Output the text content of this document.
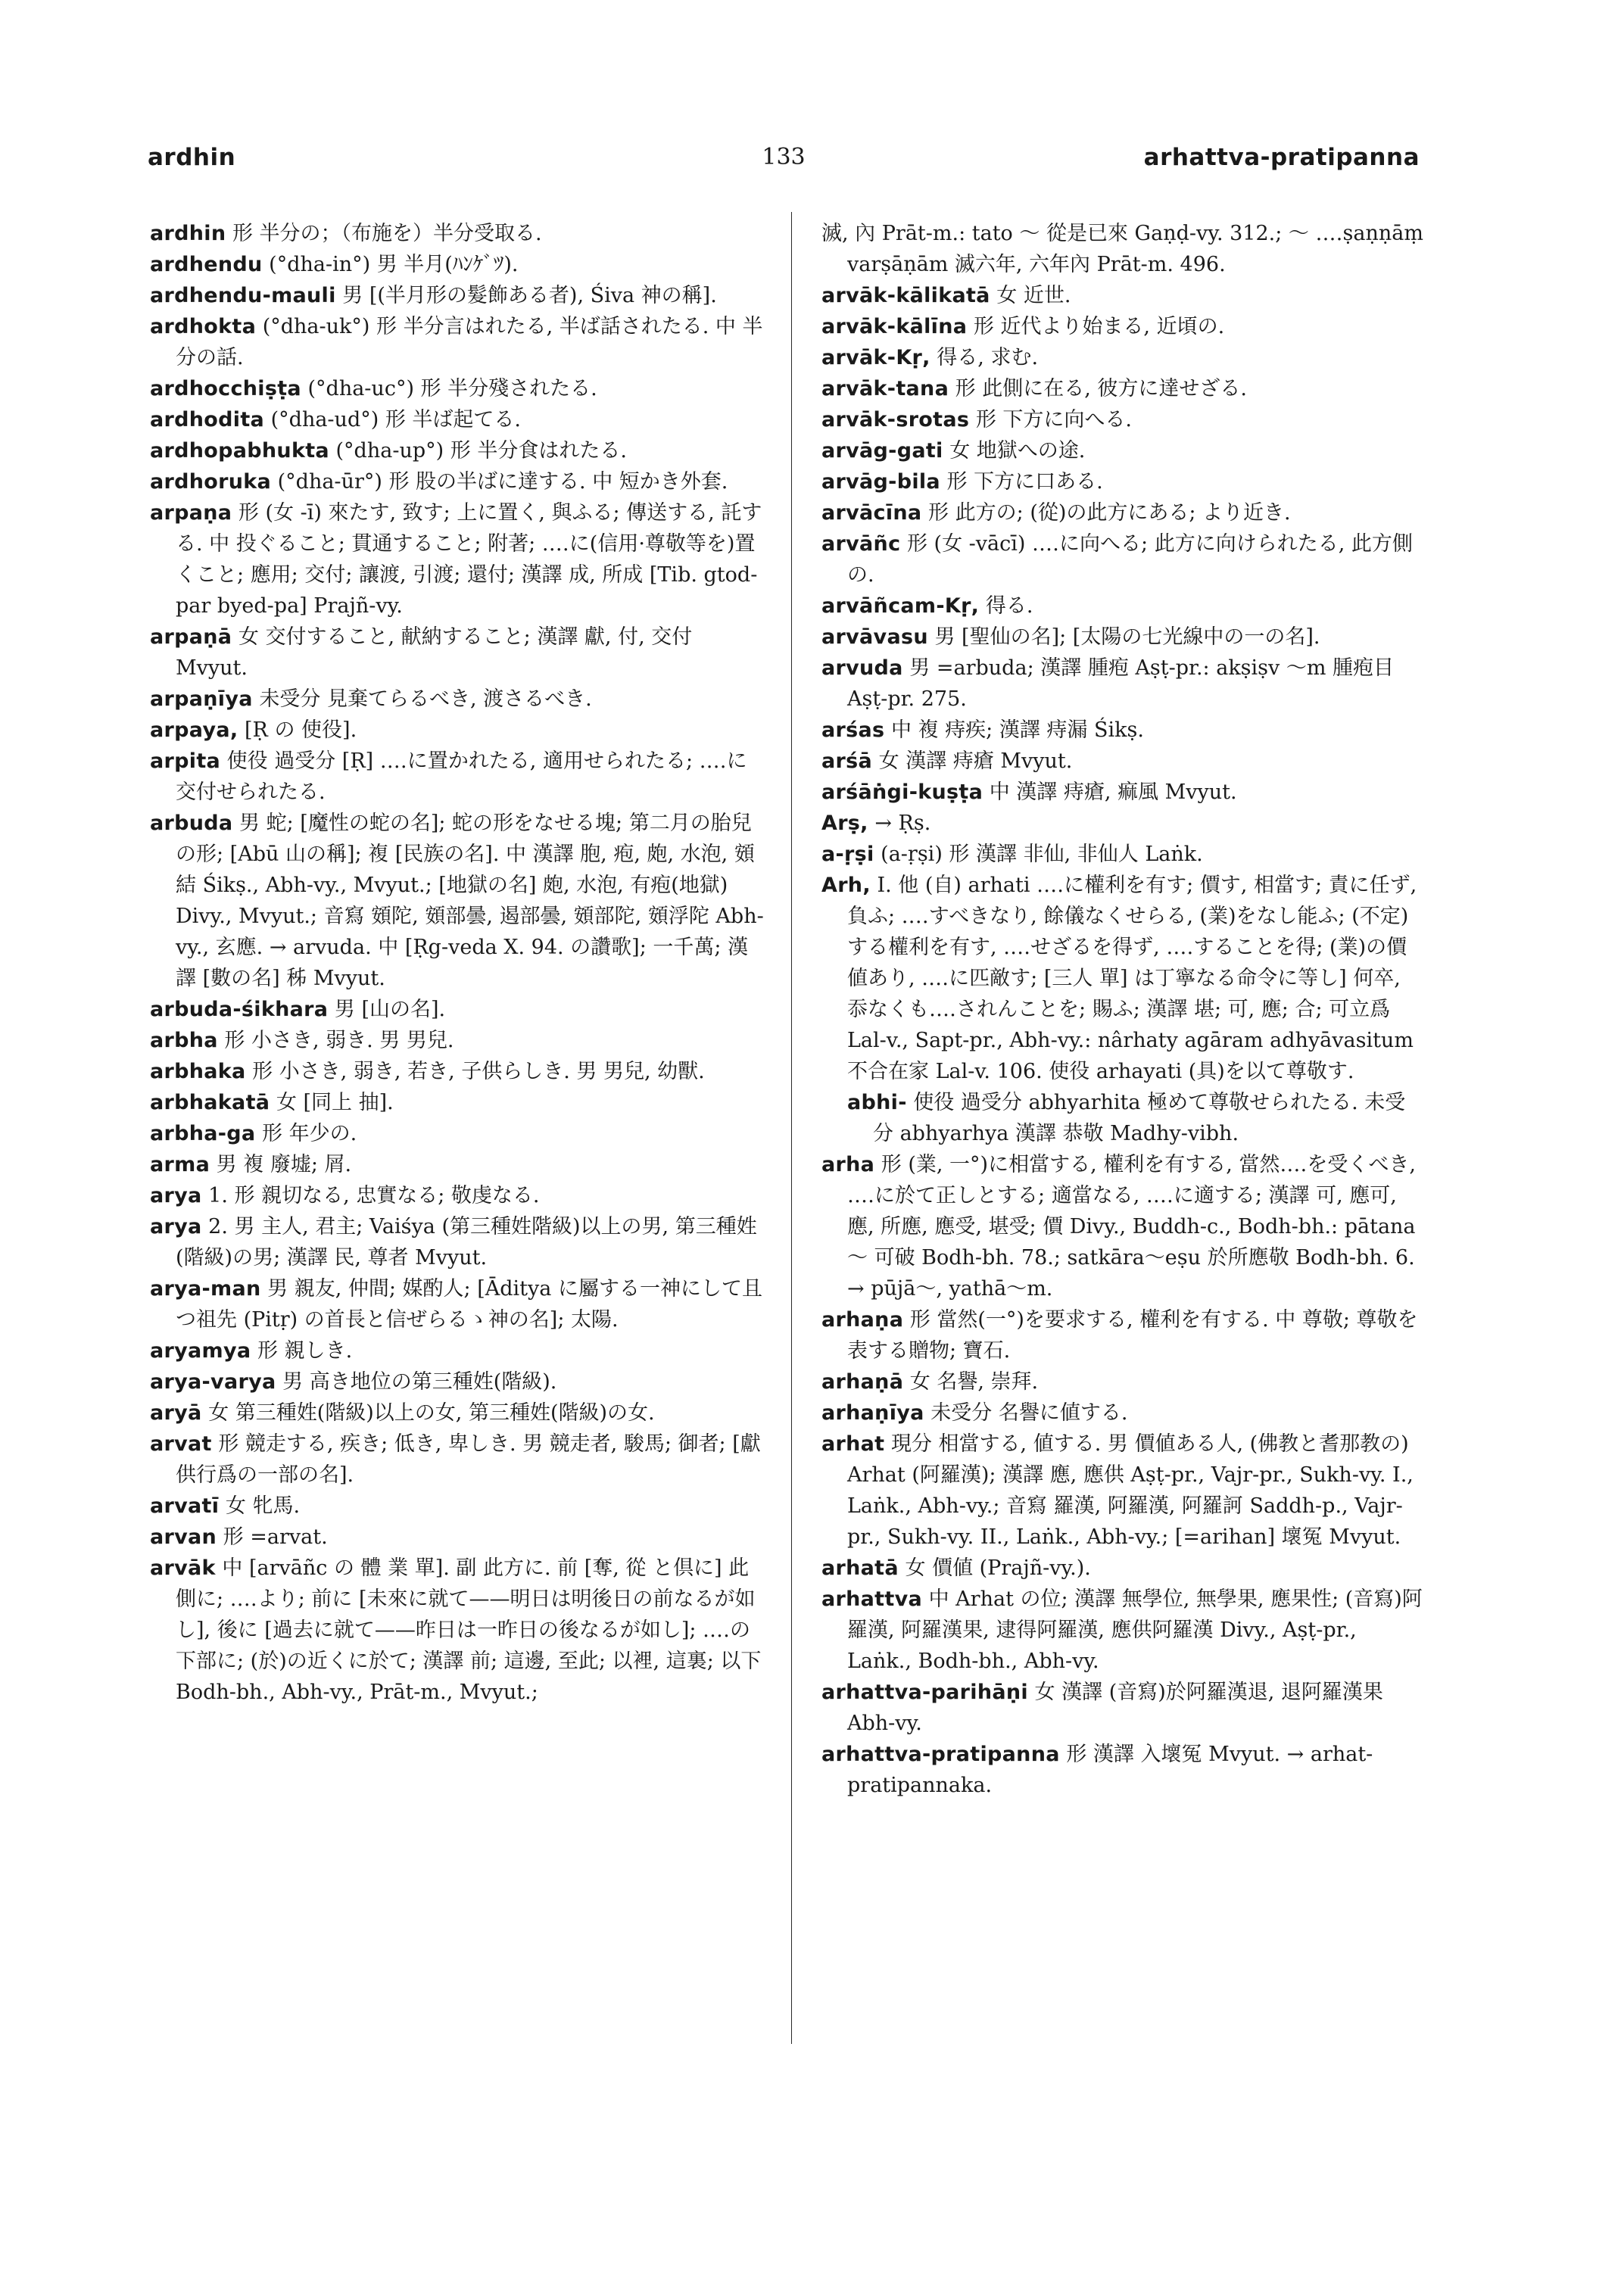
ardhin	133	arhattva-pratipanna

ardhin 形 半分の；（布施を）半分受取る.

ardhendu (°dha-in°) 男 半月(ﾊﾝｹﾞﾂ).

ardhendu-mauli 男 [(半月形の髮飾ある者), Śiva 神の稱].

ardhokta (°dha-uk°) 形 半分言はれたる, 半ば話されたる. 中 半分の話.

ardhocchiṣṭa (°dha-uc°) 形 半分殘されたる.

ardhodita (°dha-ud°) 形 半ば起てる.

ardhopabhukta (°dha-up°) 形 半分食はれたる.

ardhoruka (°dha-ūr°) 形 股の半ばに達する. 中 短かき外套.

arpaṇa 形 (女 -ī) 來たす, 致す; 上に置く, 與ふる; 傳送する, 託する. 中 投ぐること; 貫通すること; 附著; ‥‥に(信用·尊敬等を)置くこと; 應用; 交付; 讓渡, 引渡; 還付; 漢譯 成, 所成 [Tib. gtod-par byed-pa] Prajñ-vy.

arpaṇā 女 交付すること, 献納すること; 漢譯 獻, 付, 交付 Mvyut.

arpaṇīya 未受分 見棄てらるべき, 渡さるべき.

arpaya, [Ṛ の 使役].

arpita 使役 過受分 [Ṛ] ‥‥に置かれたる, 適用せられたる; ‥‥に交付せられたる.

arbuda 男 蛇; [魔性の蛇の名]; 蛇の形をなせる塊; 第二月の胎兒の形; [Abū 山の稱]; 複 [民族の名]. 中 漢譯 胞, 疱, 皰, 水泡, 頞結 Śikṣ., Abh-vy., Mvyut.; [地獄の名] 皰, 水泡, 有疱(地獄) Divy., Mvyut.; 音寫 頞陀, 頞部曇, 遏部曇, 頞部陀, 頞浮陀 Abh-vy., 玄應. → arvuda. 中 [Ṛg-veda X. 94. の讚歌]; 一千萬; 漢譯 [數の名] 秭 Mvyut.

arbuda-śikhara 男 [山の名].

arbha 形 小さき, 弱き. 男 男兒.

arbhaka 形 小さき, 弱き, 若き, 子供らしき. 男 男兒, 幼獸.

arbhakatā 女 [同上 抽].

arbha-ga 形 年少の.

arma 男 複 廢墟; 屑.

arya 1. 形 親切なる, 忠實なる; 敬虔なる.

arya 2. 男 主人, 君主; Vaiśya (第三種姓階級)以上の男, 第三種姓(階級)の男; 漢譯 民, 尊者 Mvyut.

arya-man 男 親友, 仲間; 媒酌人; [Āditya に屬する一神にして且つ祖先 (Pitṛ) の首長と信ぜらるゝ神の名]; 太陽.

aryamya 形 親しき.

arya-varya 男 高き地位の第三種姓(階級).

aryā 女 第三種姓(階級)以上の女, 第三種姓(階級)の女.

arvat 形 競走する, 疾き; 低き, 卑しき. 男 競走者, 駿馬; 御者; [獻供行爲の一部の名].

arvatī 女 牝馬.

arvan 形 =arvat.

arvāk 中 [arvāñc の 體 業 單]. 副 此方に. 前 [奪, 從 と倶に] 此側に; ‥‥より; 前に [未來に就て——明日は明後日の前なるが如し], 後に [過去に就て——昨日は一昨日の後なるが如し]; ‥‥の下部に; (於)の近くに於て; 漢譯 前; 這邊, 至此; 以裡, 這裏; 以下 Bodh-bh., Abh-vy., Prāt-m., Mvyut.;

滅, 內 Prāt-m.: tato ～ 從是已來 Gaṇḍ-vy. 312.; ～ ‥‥ṣaṇṇāṃ varṣāṇām 滅六年, 六年內 Prāt-m. 496.

arvāk-kālikatā 女 近世.

arvāk-kālīna 形 近代より始まる, 近頃の.

arvāk-Kṛ, 得る, 求む.

arvāk-tana 形 此側に在る, 彼方に達せざる.

arvāk-srotas 形 下方に向へる.

arvāg-gati 女 地獄への途.

arvāg-bila 形 下方に口ある.

arvācīna 形 此方の; (從)の此方にある; より近き.

arvāñc 形 (女 -vācī) ‥‥に向へる; 此方に向けられたる, 此方側の.

arvāñcam-Kṛ, 得る.

arvāvasu 男 [聖仙の名]; [太陽の七光線中の一の名].

arvuda 男 =arbuda; 漢譯 腫疱 Aṣṭ-pr.: akṣiṣv ～m 腫疱目 Aṣṭ-pr. 275.

arśas 中 複 痔疾; 漢譯 痔漏 Śikṣ.

arśā 女 漢譯 痔瘡 Mvyut.

arśāṅgi-kuṣṭa 中 漢譯 痔瘡, 痲風 Mvyut.

Arṣ, → Ṛṣ.

a-ṛṣi (a-ṛṣi) 形 漢譯 非仙, 非仙人 Laṅk.

Arh, I. 他 (自) arhati ‥‥に權利を有す; 價す, 相當す; 責に任ず, 負ふ; ‥‥すべきなり, 餘儀なくせらる, (業)をなし能ふ; (不定)する權利を有す, ‥‥せざるを得ず, ‥‥することを得; (業)の價値あり, ‥‥に匹敵す; [三人 單] は丁寧なる命令に等し] 何卒, 忝なくも‥‥されんことを; 賜ふ; 漢譯 堪; 可, 應; 合; 可立爲 Lal-v., Sapt-pr., Abh-vy.: nârhaty agāram adhyāvasitum 不合在家 Lal-v. 106. 使役 arhayati (具)を以て尊敬す.

abhi- 使役 過受分 abhyarhita 極めて尊敬せられたる. 未受分 abhyarhya 漢譯 恭敬 Madhy-vibh.

arha 形 (業, 一°)に相當する, 權利を有する, 當然‥‥を受くべき, ‥‥に於て正しとする; 適當なる, ‥‥に適する; 漢譯 可, 應可, 應, 所應, 應受, 堪受; 價 Divy., Buddh-c., Bodh-bh.: pātana～ 可破 Bodh-bh. 78.; satkāra～eṣu 於所應敬 Bodh-bh. 6. → pūjā～, yathā～m.

arhaṇa 形 當然(一°)を要求する, 權利を有する. 中 尊敬; 尊敬を表する贈物; 寶石.

arhaṇā 女 名譽, 崇拜.

arhaṇīya 未受分 名譽に値する.

arhat 現分 相當する, 値する. 男 價値ある人, (佛教と耆那教の) Arhat (阿羅漢); 漢譯 應, 應供 Aṣṭ-pr., Vajr-pr., Sukh-vy. I., Laṅk., Abh-vy.; 音寫 羅漢, 阿羅漢, 阿羅訶 Saddh-p., Vajr-pr., Sukh-vy. II., Laṅk., Abh-vy.; [=arihan] 壞冤 Mvyut.

arhatā 女 價値 (Prajñ-vy.).

arhattva 中 Arhat の位; 漢譯 無學位, 無學果, 應果性; (音寫)阿羅漢, 阿羅漢果, 逮得阿羅漢, 應供阿羅漢 Divy., Aṣṭ-pr., Laṅk., Bodh-bh., Abh-vy.

arhattva-parihāṇi 女 漢譯 (音寫)於阿羅漢退, 退阿羅漢果 Abh-vy.

arhattva-pratipanna 形 漢譯 入壞冤 Mvyut. → arhat-pratipannaka.
